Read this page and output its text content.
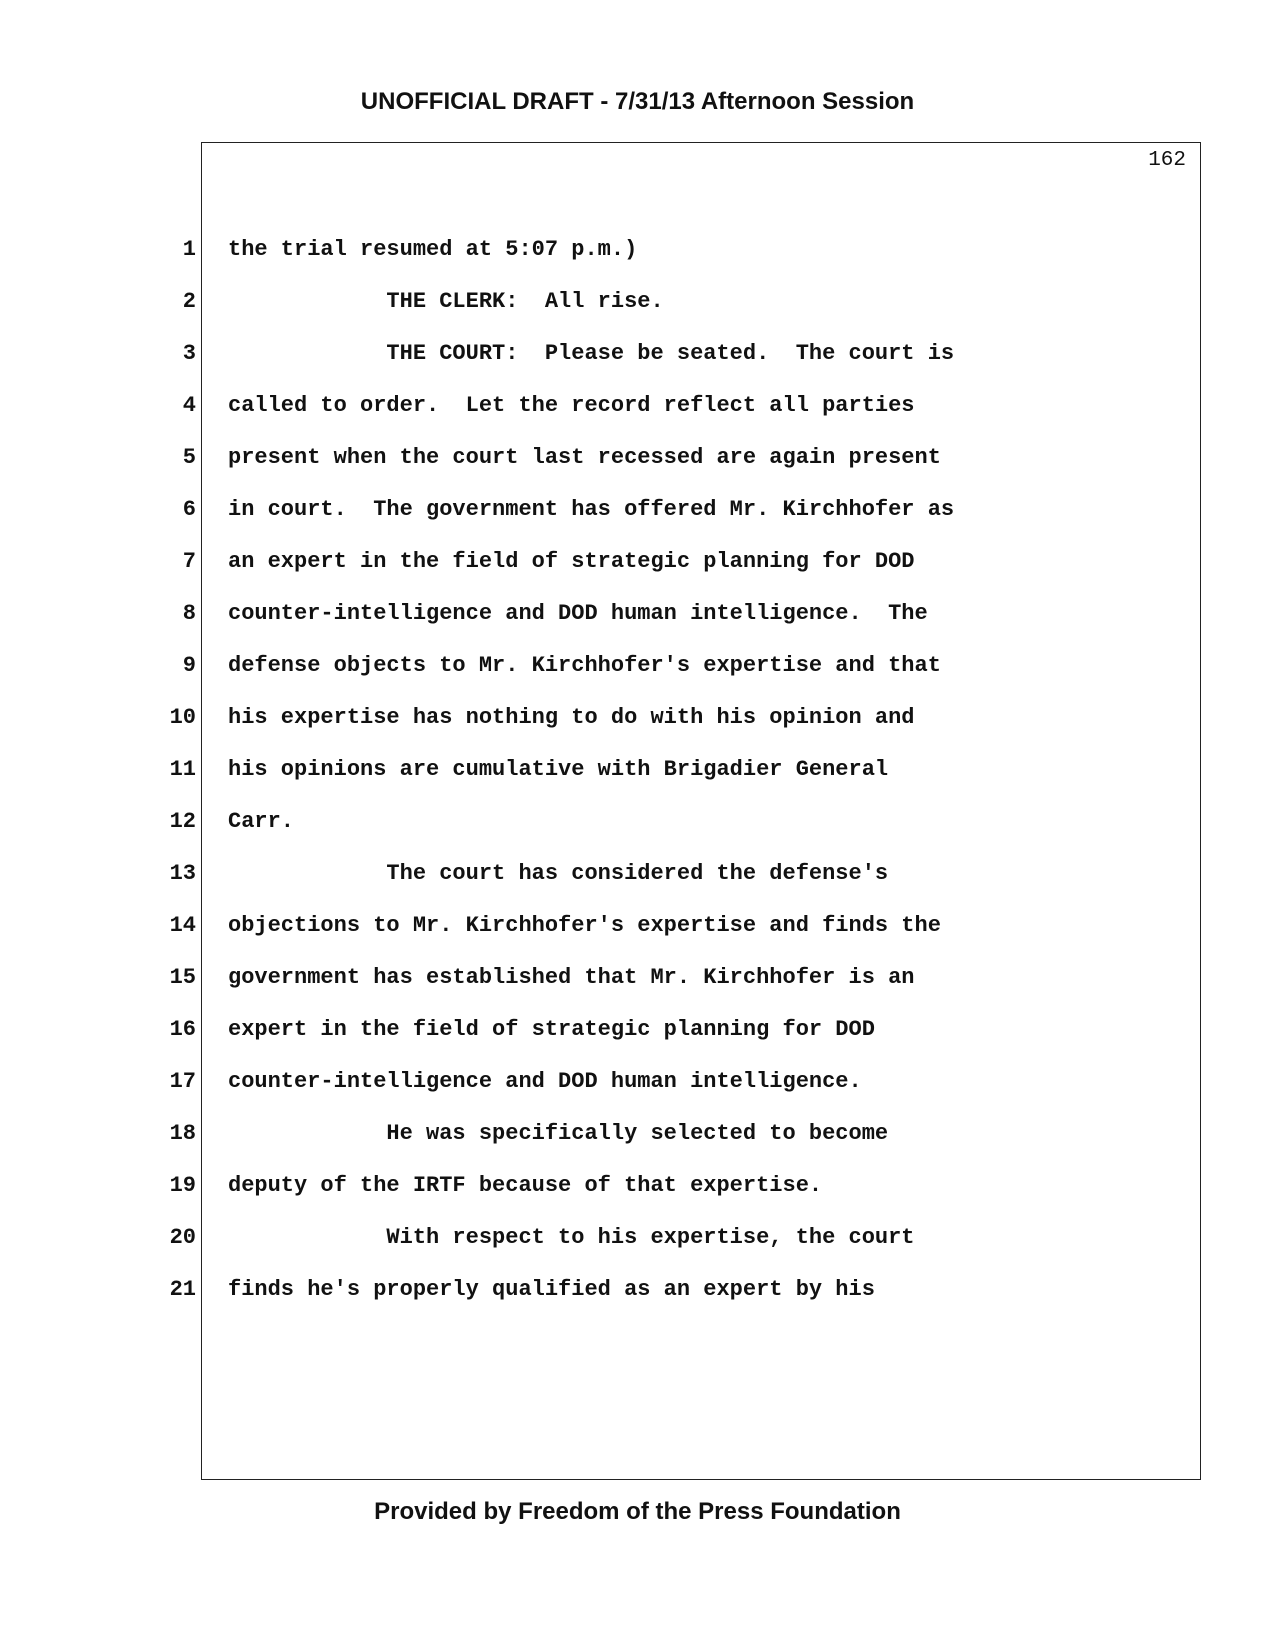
UNOFFICIAL DRAFT - 7/31/13 Afternoon Session
162
1 the trial resumed at 5:07 p.m.)
2 THE CLERK:  All rise.
3 THE COURT:  Please be seated.  The court is
4 called to order.  Let the record reflect all parties
5 present when the court last recessed are again present
6 in court.  The government has offered Mr. Kirchhofer as
7 an expert in the field of strategic planning for DOD
8 counter-intelligence and DOD human intelligence.  The
9 defense objects to Mr. Kirchhofer's expertise and that
10 his expertise has nothing to do with his opinion and
11 his opinions are cumulative with Brigadier General
12 Carr.
13 The court has considered the defense's
14 objections to Mr. Kirchhofer's expertise and finds the
15 government has established that Mr. Kirchhofer is an
16 expert in the field of strategic planning for DOD
17 counter-intelligence and DOD human intelligence.
18 He was specifically selected to become
19 deputy of the IRTF because of that expertise.
20 With respect to his expertise, the court
21 finds he's properly qualified as an expert by his
Provided by Freedom of the Press Foundation
